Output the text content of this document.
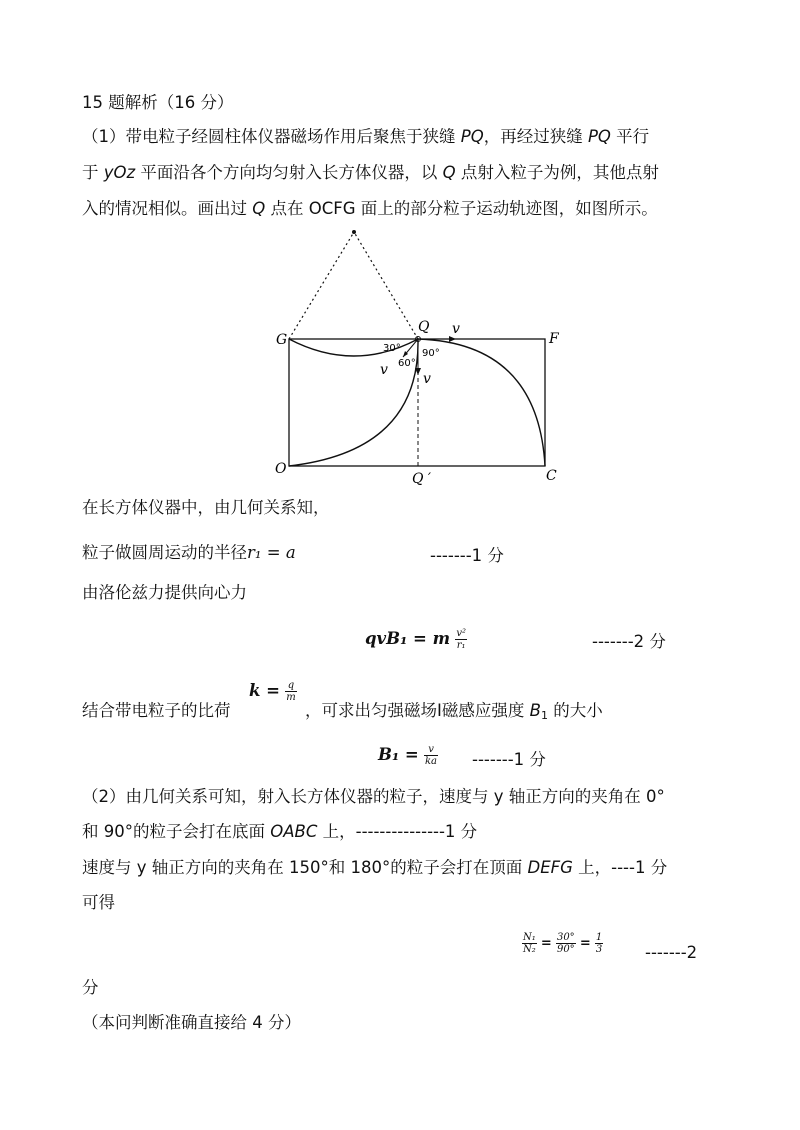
15 题解析（16 分）
（1）带电粒子经圆柱体仪器磁场作用后聚焦于狭缝 PQ，再经过狭缝 PQ 平行
于 yOz 平面沿各个方向均匀射入长方体仪器，以 Q 点射入粒子为例，其他点射
入的情况相似。画出过 Q 点在 OCFG 面上的部分粒子运动轨迹图，如图所示。
G
Q v
F
30° 90°
60°
v
v
O
Q ′	C
在长方体仪器中，由几何关系知，
粒子做圆周运动的半径r₁ = a	-------1 分
由洛伦兹力提供向心力
qvB₁ = m $\frac{\text{v²}}{\text{r₁}}$	-------2 分
结合带电粒子的比荷
$k = \frac{q}{m}$
，可求出匀强磁场I磁感应强度 $B_1$ 的大小
$B_1 = \frac{v}{ka} -------1$ 分
（2）由几何关系可知，射入长方体仪器的粒子，速度与 y 轴正方向的夹角在 0°
和 90°的粒子会打在底面 OABC 上，---------------1 分
速度与 y 轴正方向的夹角在 150°和 180°的粒子会打在顶面 DEFG 上，----1 分
可得
$\frac{\text{N₁}}{\text{N₂}} = \frac{30^\circ}{90^\circ} = \frac{1}{3}$	-------2
分
（本问判断准确直接给 4 分）
